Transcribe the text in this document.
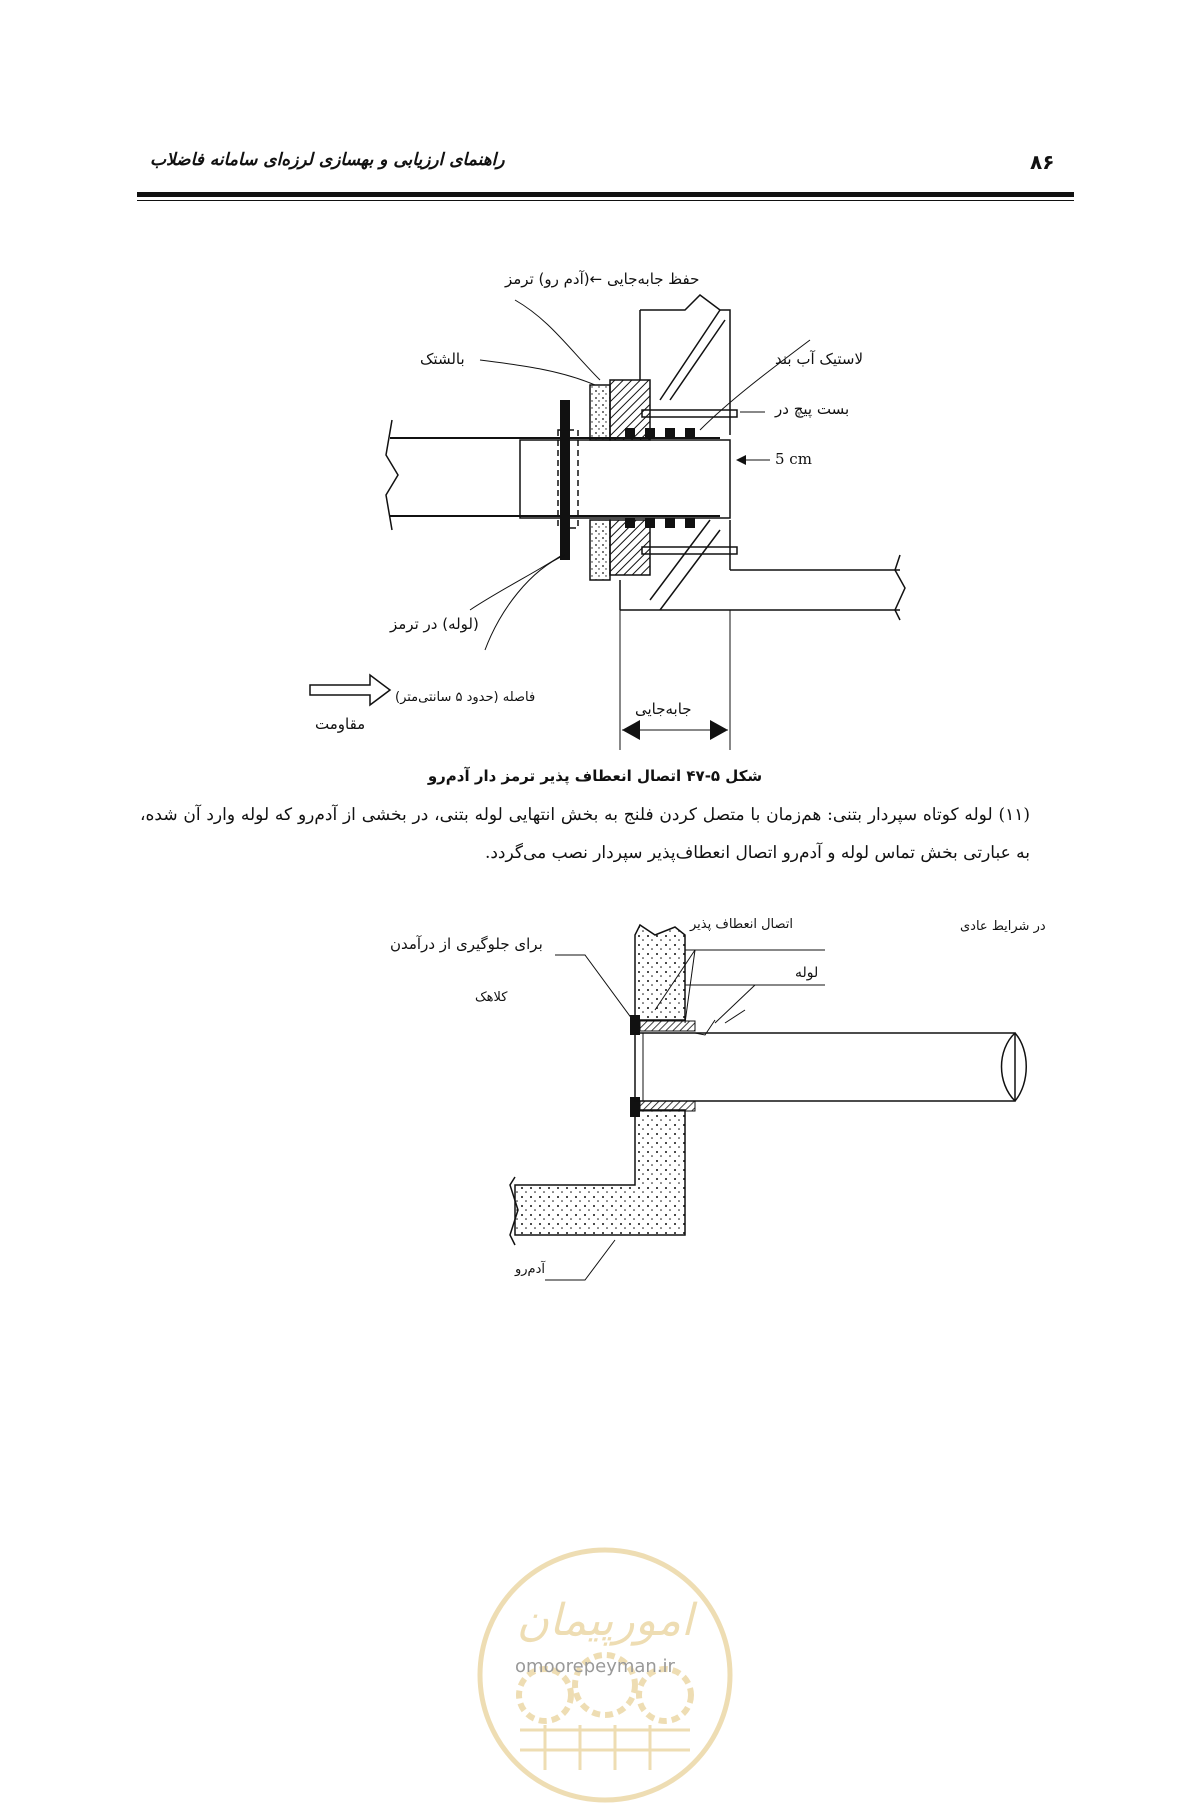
راهنمای ارزیابی و بهسازی لرزه‌ای سامانه فاضلاب	۸۶
حفظ جابه‌جایی ←(آدم رو) ترمز
بالشتک	لاستیک آب بند
بست پیچ در
5 cm
(لوله) در ترمز
فاصله (حدود ۵ سانتی‌متر)
مقاومت
جابه‌جایی
شکل ۵-۴۷ اتصال انعطاف پذیر ترمز دار آدم‌رو
(۱۱) لوله کوتاه سپردار بتنی: هم‌زمان با متصل کردن فلنج به بخش انتهایی لوله بتنی، در بخشی از آدم‌رو که لوله وارد آن شده، به عبارتی بخش تماس لوله و آدم‌رو اتصال انعطاف‌پذیر سپردار نصب می‌گردد.
در شرایط عادی
اتصال انعطاف پذیر
برای جلوگیری از درآمدن
کلاهک
لوله
آدم‌رو
امورپیمان
omoorepeyman.ir
